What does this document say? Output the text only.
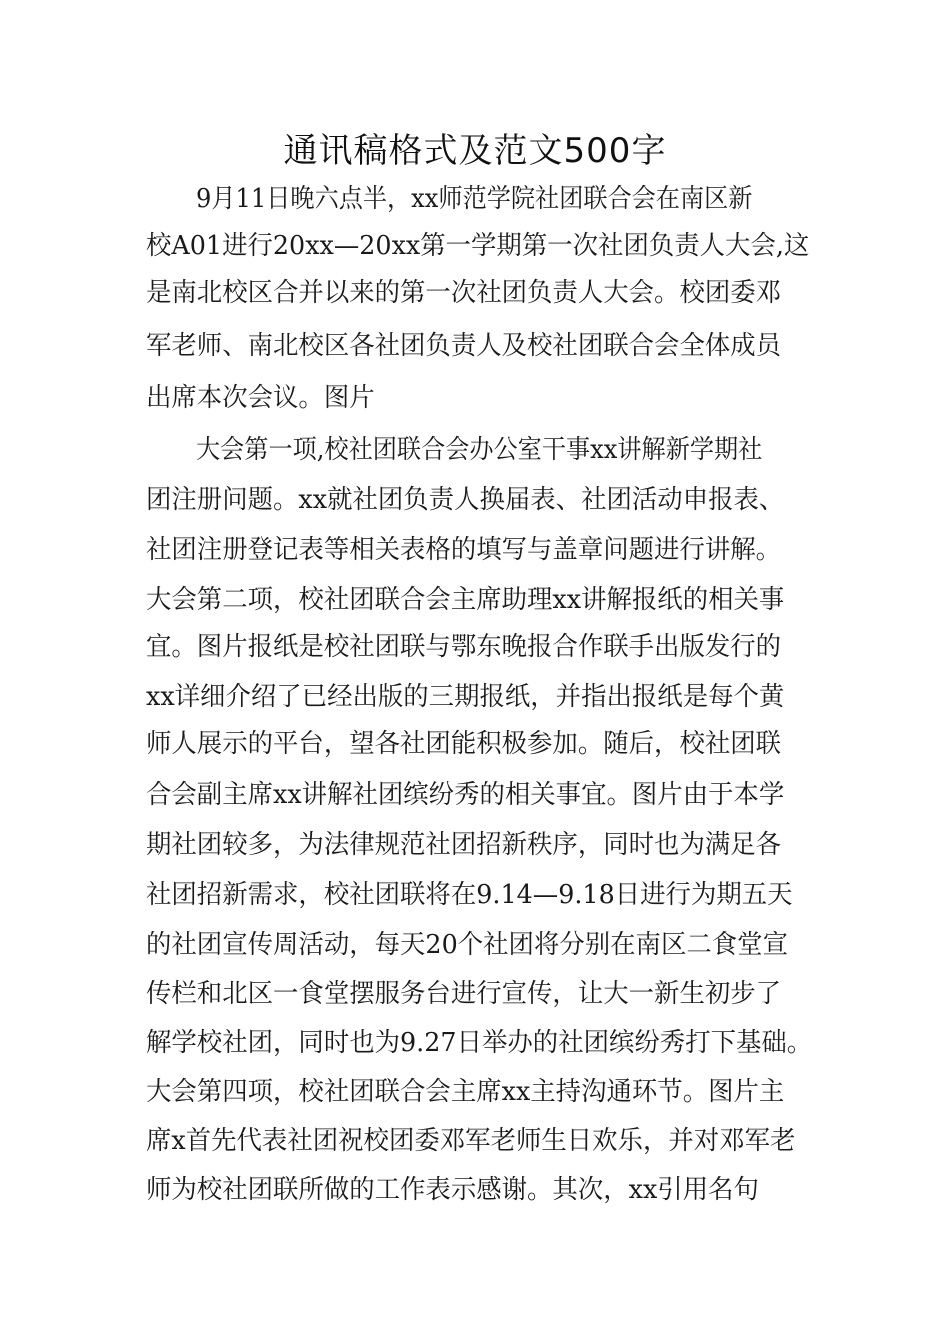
通讯稿格式及范文500字
9月11日晚六点半，xx师范学院社团联合会在南区新
校A01进行20xx—20xx第一学期第一次社团负责人大会,这
是南北校区合并以来的第一次社团负责人大会。校团委邓
军老师、南北校区各社团负责人及校社团联合会全体成员
出席本次会议。图片
大会第一项,校社团联合会办公室干事xx讲解新学期社
团注册问题。xx就社团负责人换届表、社团活动申报表、
社团注册登记表等相关表格的填写与盖章问题进行讲解。
大会第二项，校社团联合会主席助理xx讲解报纸的相关事
宜。图片报纸是校社团联与鄂东晚报合作联手出版发行的
xx详细介绍了已经出版的三期报纸，并指出报纸是每个黄
师人展示的平台，望各社团能积极参加。随后，校社团联
合会副主席xx讲解社团缤纷秀的相关事宜。图片由于本学
期社团较多，为法律规范社团招新秩序，同时也为满足各
社团招新需求，校社团联将在9.14—9.18日进行为期五天
的社团宣传周活动，每天20个社团将分别在南区二食堂宣
传栏和北区一食堂摆服务台进行宣传，让大一新生初步了
解学校社团，同时也为9.27日举办的社团缤纷秀打下基础。
大会第四项，校社团联合会主席xx主持沟通环节。图片主
席x首先代表社团祝校团委邓军老师生日欢乐，并对邓军老
师为校社团联所做的工作表示感谢。其次，xx引用名句
